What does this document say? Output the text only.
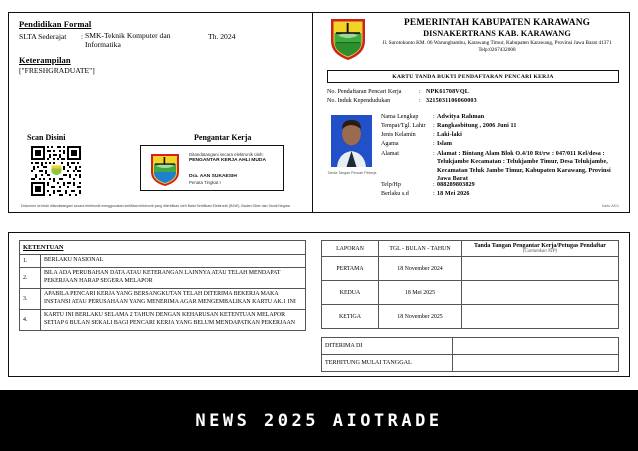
Pendidikan Formal
SLTA Sederajat	: SMK-Teknik Komputer dan Informatika
Th. 2024
Keterampilan
["FRESHGRADUATE"]
Scan Disini	Pengantar Kerja
Ditandatangani secara elektronik oleh:
PENGANTAR KERJA AHLI MUDA
Dra. AAN SUKAESIH
Penata Tingkat I
Dokumen ini telah ditandatangani secara elektronik menggunakan sertifikat elektronik yang diterbitkan oleh Balai Sertifikasi Elektronik (BSrE), Badan Siber dan Sandi Negara
PEMERINTAH KABUPATEN KARAWANG
DISNAKERTRANS KAB. KARAWANG
Jl. Surotokunto KM. 06 Warungbambu, Karawang Timur, Kabupaten Karawang, Provinsi Jawa Barat 41371 Telp:0267432008
KARTU TANDA BUKTI PENDAFTARAN PENCARI KERJA
No. Pendaftaran Pencari Kerja	: NPK61708VQL
No. Induk Kependudukan	: 3215031106060003
Tanda Tangan Pencari Pekerja
Nama Lengkap	: Adwitya Rahman
Tempat/Tgl. Lahir	: Rangkasbitung , 2006 Juni 11
Jenis Kelamin	: Laki-laki
Agama	: Islam
Alamat	: Alamat : Bintang Alam Blok O.4/10 Rt/rw : 047/011 Kel/desa : Telukjambe Kecamatan : Telukjambe Timur, Desa Telukjambe, Kecamatan Teluk Jambe Timur, Kabupaten Karawang, Provinsi Jawa Barat
Telp/Hp	: 088289803829
Berlaku s.d	: 18 Mei 2026
Kartu AK/1
KETENTUAN	
1.	BERLAKU NASIONAL
2.	BILA ADA PERUBAHAN DATA ATAU KETERANGAN LAINNYA ATAU TELAH MENDAPAT PEKERJAAN HARAP SEGERA MELAPOR
3.	APABILA PENCARI KERJA YANG BERSANGKUTAN TELAH DITERIMA BEKERJA MAKA INSTANSI ATAU PERUSAHAAN YANG MENERIMA AGAR MENGEMBALIKAN KARTU AK.1 INI
4.	KARTU INI BERLAKU SELAMA 2 TAHUN DENGAN KEHARUSAN KETENTUAN MELAPOR SETIAP 6 BULAN SEKALI BAGI PENCARI KERJA YANG BELUM MENDAPATKAN PEKERJAAN
LAPORAN	TGL - BULAN - TAHUN	Tanda Tangan Pengantar Kerja/Petugas Pendaftar
(Cantumkan NIP)

PERTAMA	18 November 2024	
KEDUA	18 Mei 2025	
KETIGA	18 November 2025	
DITERIMA DI	
TERHITUNG MULAI TANGGAL	
NEWS 2025 AIOTRADE
